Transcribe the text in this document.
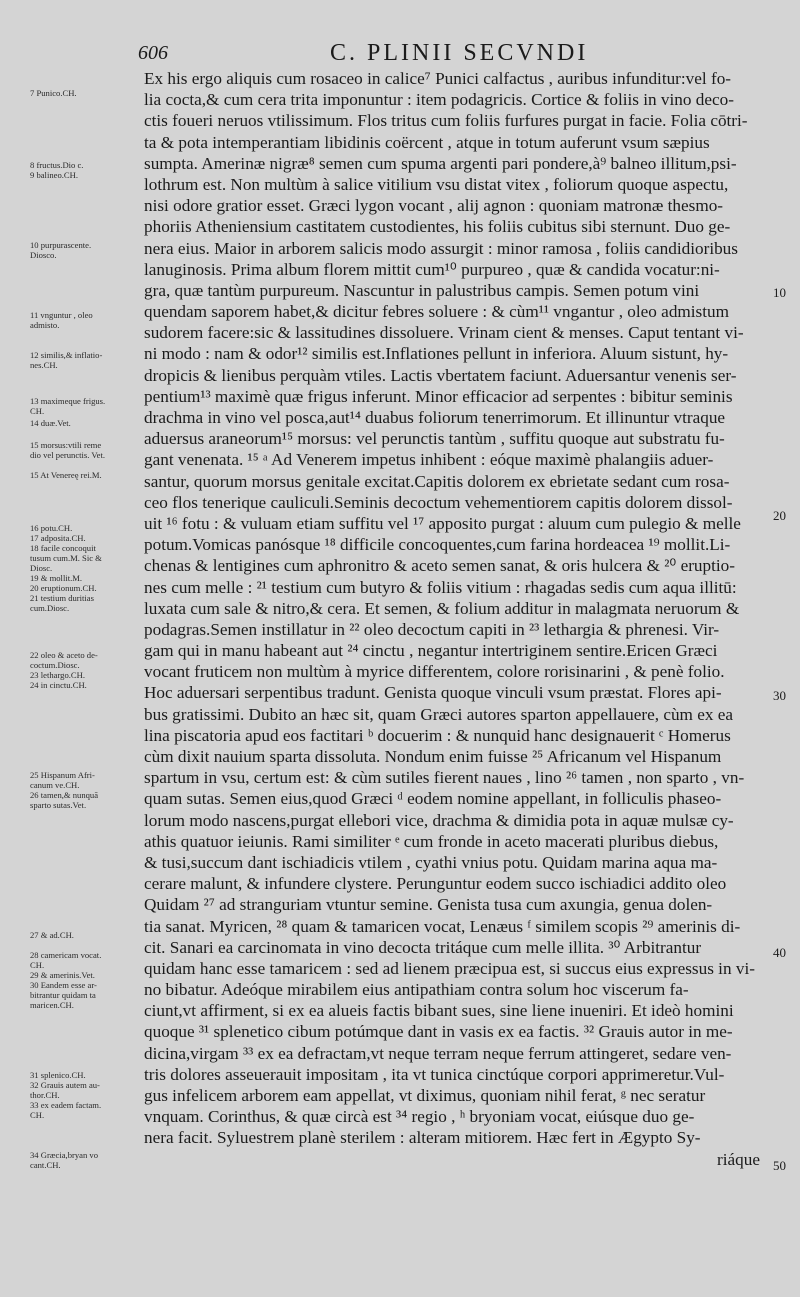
606	C. PLINII SECVNDI
7 Punico.CH.
8 fructus.Dio c.
9 balineo.CH.
10 purpurascente.
Diosco.
11 vnguntur , oleo
admisto.
12 similis,& inflatio-
nes.CH.
13 maximeque frigus.
CH.
14 duæ.Vet.
15 morsus:vtili reme
dio vel perunctis. Vet.
15 At Venereę rei.M.
16 potu.CH.
17 adposita.CH.
18 facile concoquit
tusum cum.M. Sic &
Diosc.
19 & mollit.M.
20 eruptionum.CH.
21 testium duritias
cum.Diosc.
22 oleo & aceto de-
coctum.Diosc.
23 lethargo.CH.
24 in cinctu.CH.
25 Hispanum Afri-
canum ve.CH.
26 tamen,& nunquā
sparto sutas.Vet.
27 & ad.CH.
28 camericam vocat.
CH.
29 & amerinis.Vet.
30 Eandem esse ar-
bitrantur quidam ta
maricen.CH.
31 splenico.CH.
32 Grauis autem au-
thor.CH.
33 ex eadem factam.
CH.
34 Græcia,bryan vo
cant.CH.
Ex his ergo aliquis cum rosaceo in calice⁷ Punici calfactus , auribus infunditur:vel fo-
lia cocta,& cum cera trita imponuntur : item podagricis. Cortice & foliis in vino deco-
ctis foueri neruos vtilissimum. Flos tritus cum foliis furfures purgat in facie. Folia cōtri-
ta & pota intemperantiam libidinis coërcent , atque in totum auferunt vsum sæpius
sumpta. Amerinæ nigræ⁸ semen cum spuma argenti pari pondere,à⁹ balneo illitum,psi-
lothrum est. Non multùm à salice vitilium vsu distat vitex , foliorum quoque aspectu,
nisi odore gratior esset. Græci lygon vocant , alij agnon : quoniam matronæ thesmo-
phoriis Atheniensium castitatem custodientes, his foliis cubitus sibi sternunt. Duo ge-
nera eius. Maior in arborem salicis modo assurgit : minor ramosa , foliis candidioribus
lanuginosis. Prima album florem mittit cum¹⁰ purpureo , quæ & candida vocatur:ni-
gra, quæ tantùm purpureum. Nascuntur in palustribus campis. Semen potum vini
quendam saporem habet,& dicitur febres soluere : & cùm¹¹ vngantur , oleo admistum
sudorem facere:sic & lassitudines dissoluere. Vrinam cient & menses. Caput tentant vi-
ni modo : nam & odor¹² similis est.Inflationes pellunt in inferiora. Aluum sistunt, hy-
dropicis & lienibus perquàm vtiles. Lactis vbertatem faciunt. Aduersantur venenis ser-
pentium¹³ maximè quæ frigus inferunt. Minor efficacior ad serpentes : bibitur seminis
drachma in vino vel posca,aut¹⁴ duabus foliorum tenerrimorum. Et illinuntur vtraque
aduersus araneorum¹⁵ morsus: vel perunctis tantùm , suffitu quoque aut substratu fu-
gant venenata. ¹⁵ ᵃ Ad Venerem impetus inhibent : eóque maximè phalangiis aduer-
santur, quorum morsus genitale excitat.Capitis dolorem ex ebrietate sedant cum rosa-
ceo flos tenerique cauliculi.Seminis decoctum vehementiorem capitis dolorem dissol-
uit ¹⁶ fotu : & vuluam etiam suffitu vel ¹⁷ apposito purgat : aluum cum pulegio & melle
potum.Vomicas panósque ¹⁸ difficile concoquentes,cum farina hordeacea ¹⁹ mollit.Li-
chenas & lentigines cum aphronitro & aceto semen sanat, & oris hulcera & ²⁰ eruptio-
nes cum melle : ²¹ testium cum butyro & foliis vitium : rhagadas sedis cum aqua illitū:
luxata cum sale & nitro,& cera. Et semen, & folium additur in malagmata neruorum &
podagras.Semen instillatur in ²² oleo decoctum capiti in ²³ lethargia & phrenesi. Vir-
gam qui in manu habeant aut ²⁴ cinctu , negantur intertriginem sentire.Ericen Græci
vocant fruticem non multùm à myrice differentem, colore rorisinarini , & penè folio.
Hoc aduersari serpentibus tradunt. Genista quoque vinculi vsum præstat. Flores api-
bus gratissimi. Dubito an hæc sit, quam Græci autores sparton appellauere, cùm ex ea
lina piscatoria apud eos factitari ᵇ docuerim : & nunquid hanc designauerit ᶜ Homerus
cùm dixit nauium sparta dissoluta. Nondum enim fuisse ²⁵ Africanum vel Hispanum
spartum in vsu, certum est: & cùm sutiles fierent naues , lino ²⁶ tamen , non sparto , vn-
quam sutas. Semen eius,quod Græci ᵈ eodem nomine appellant, in folliculis phaseo-
lorum modo nascens,purgat ellebori vice, drachma & dimidia pota in aquæ mulsæ cy-
athis quatuor ieiunis. Rami similiter ᵉ cum fronde in aceto macerati pluribus diebus,
& tusi,succum dant ischiadicis vtilem , cyathi vnius potu. Quidam marina aqua ma-
cerare malunt, & infundere clystere. Perunguntur eodem succo ischiadici addito oleo
Quidam ²⁷ ad stranguriam vtuntur semine. Genista tusa cum axungia, genua dolen-
tia sanat. Myricen, ²⁸ quam & tamaricen vocat, Lenæus ᶠ similem scopis ²⁹ amerinis di-
cit. Sanari ea carcinomata in vino decocta tritáque cum melle illita. ³⁰ Arbitrantur
quidam hanc esse tamaricem : sed ad lienem præcipua est, si succus eius expressus in vi-
no bibatur. Adeóque mirabilem eius antipathiam contra solum hoc viscerum fa-
ciunt,vt affirment, si ex ea alueis factis bibant sues, sine liene inueniri. Et ideò homini
quoque ³¹ splenetico cibum potúmque dant in vasis ex ea factis. ³² Grauis autor in me-
dicina,virgam ³³ ex ea defractam,vt neque terram neque ferrum attingeret, sedare ven-
tris dolores asseuerauit impositam , ita vt tunica cinctúque corpori apprimeretur.Vul-
gus infelicem arborem eam appellat, vt diximus, quoniam nihil ferat, ᵍ nec seratur
vnquam. Corinthus, & quæ circà est ³⁴ regio , ʰ bryoniam vocat, eiúsque duo ge-
nera facit. Syluestrem planè sterilem : alteram mitiorem. Hæc fert in Ægypto Sy-
riáque
10
20
30
40
50
